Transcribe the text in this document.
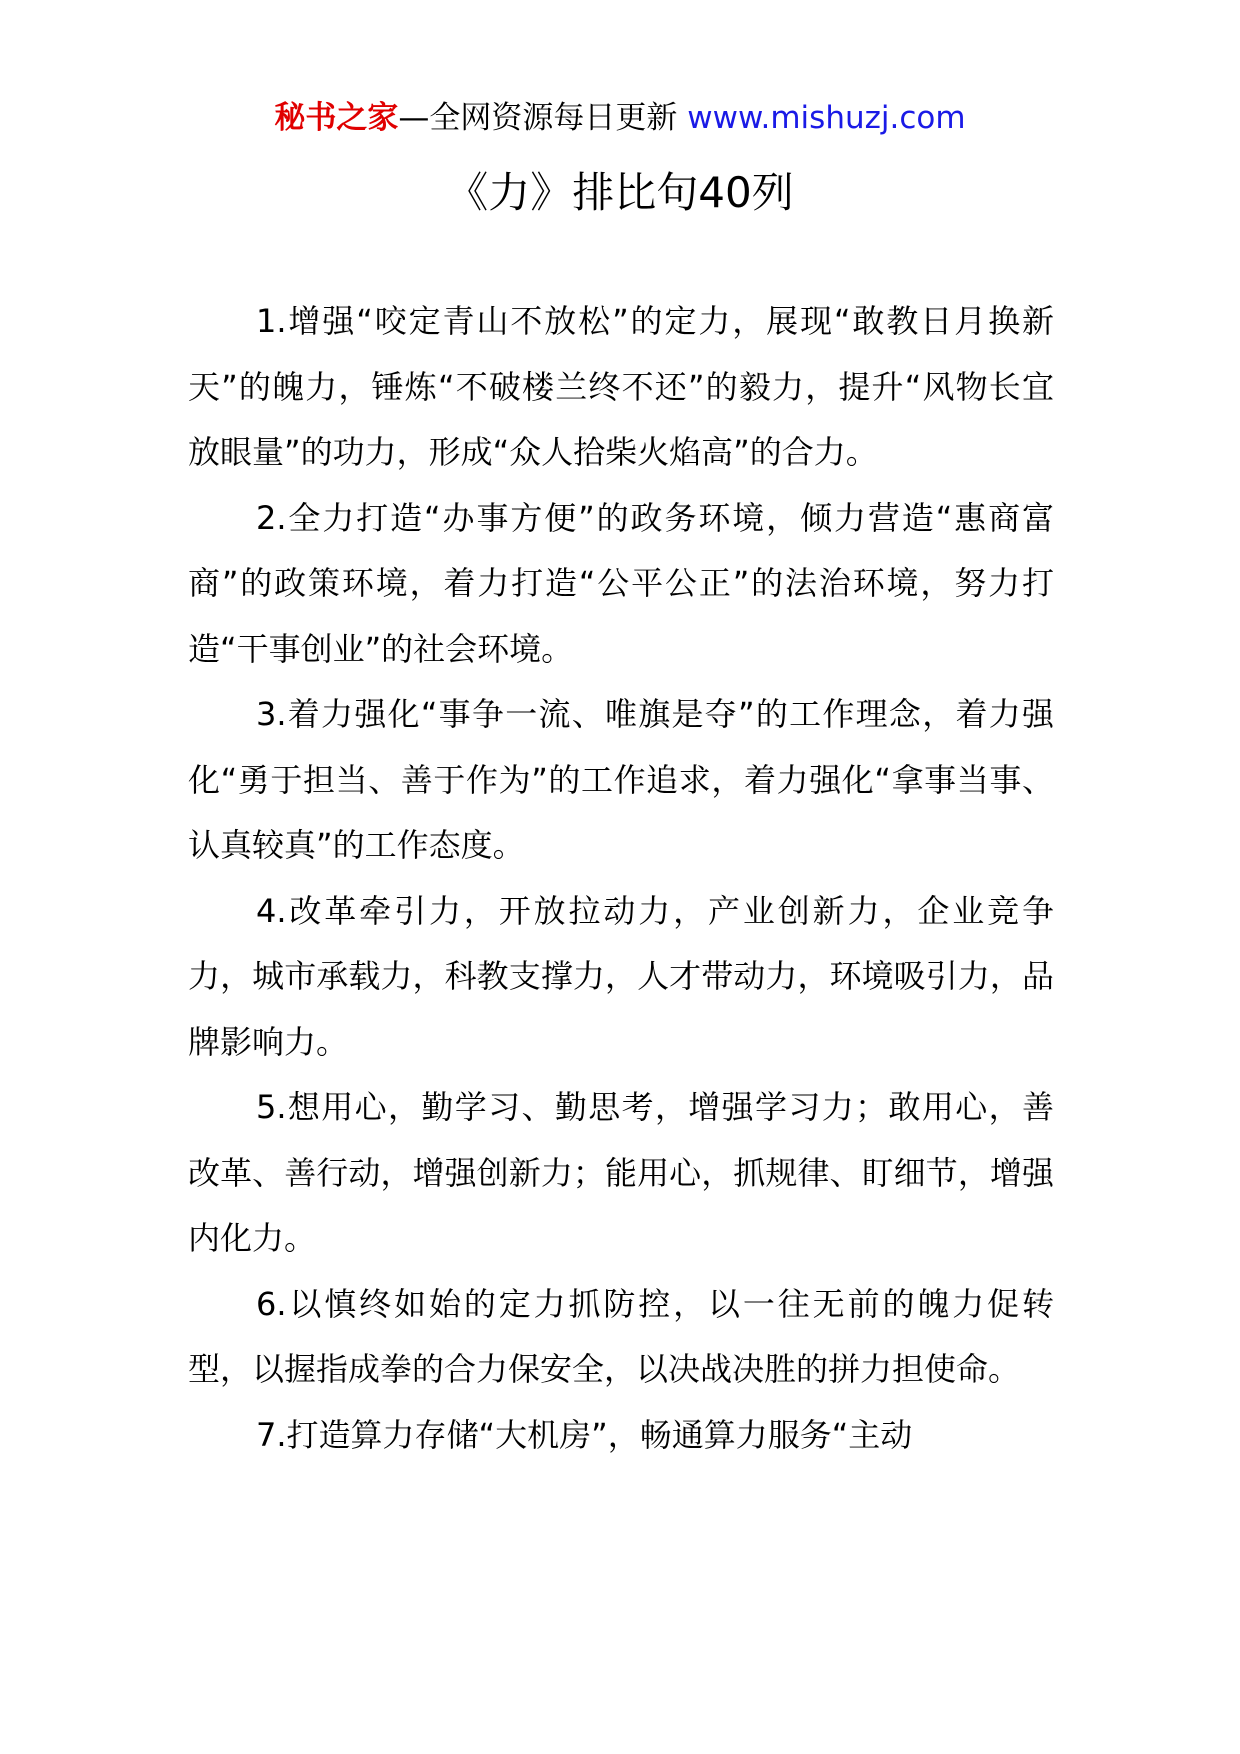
秘书之家—全网资源每日更新 www.mishuzj.com
《力》排比句40列

1.增强“咬定青山不放松”的定力，展现“敢教日月换新天”的魄力，锤炼“不破楼兰终不还”的毅力，提升“风物长宜放眼量”的功力，形成“众人拾柴火焰高”的合力。

2.全力打造“办事方便”的政务环境，倾力营造“惠商富商”的政策环境，着力打造“公平公正”的法治环境，努力打造“干事创业”的社会环境。

3.着力强化“事争一流、唯旗是夺”的工作理念，着力强化“勇于担当、善于作为”的工作追求，着力强化“拿事当事、认真较真”的工作态度。

4.改革牵引力，开放拉动力，产业创新力，企业竞争力，城市承载力，科教支撑力，人才带动力，环境吸引力，品牌影响力。

5.想用心，勤学习、勤思考，增强学习力；敢用心，善改革、善行动，增强创新力；能用心，抓规律、盯细节，增强内化力。

6.以慎终如始的定力抓防控，以一往无前的魄力促转型，以握指成拳的合力保安全，以决战决胜的拼力担使命。

7.打造算力存储“大机房”，畅通算力服务“主动
